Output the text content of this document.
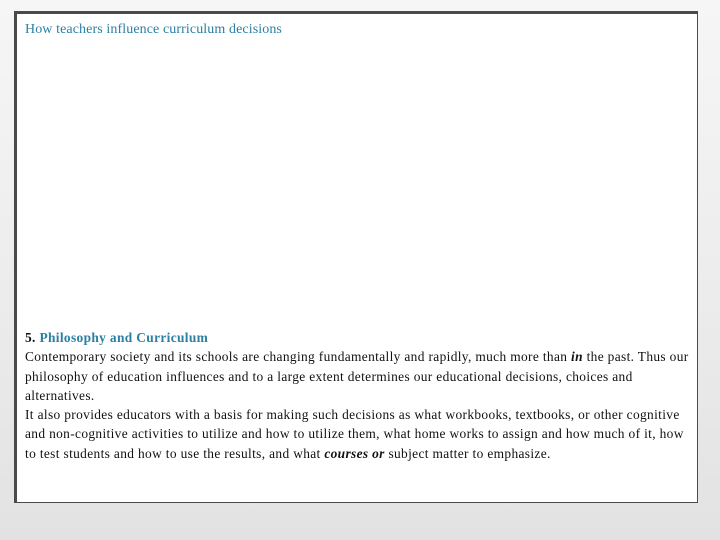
How teachers influence curriculum decisions

5. Philosophy and Curriculum

Contemporary society and its schools are changing fundamentally and rapidly, much more than in the past. Thus our philosophy of education influences and to a large extent determines our educational decisions, choices and alternatives.

It also provides educators with a basis for making such decisions as what workbooks, textbooks, or other cognitive and non-cognitive activities to utilize and how to utilize them, what home works to assign and how much of it, how to test students and how to use the results, and what courses or subject matter to emphasize.
